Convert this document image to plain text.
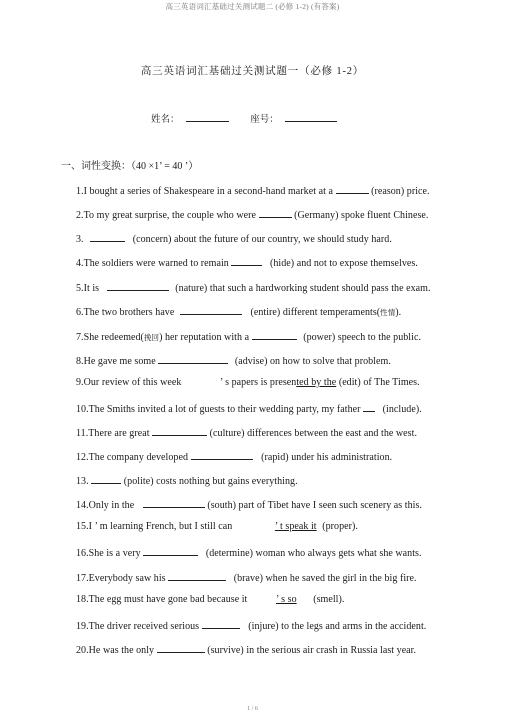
高三英语词汇基础过关测试题二 (必修 1-2) (有答案)
高三英语词汇基础过关测试题一（必修 1-2）
姓名：	座号：
一、词性变换：（40 ×1’ = 40 ’）
1.I bought a series of Shakespeare in a second-hand market at a	(reason) price.
2.To my great surprise, the couple who were	(Germany) spoke fluent Chinese.
3.	(concern) about the future of our country, we should study hard.
4.The soldiers were warned to remain	(hide) and not to expose themselves.
5.It is	(nature) that such a hardworking student should pass the exam.
6.The two brothers have	(entire) different temperaments(性情).
7.She redeemed(挽回) her reputation with a	(power) speech to the public.
8.He gave me some	(advise) on how to solve that problem.
9.Our review of this week	’ s papers is presented by the (edit) of The Times.
10.The Smiths invited a lot of guests to their wedding party, my father (include).
11.There are great	(culture) differences between the east and the west.
12.The company developed	(rapid) under his administration.
13.	(polite) costs nothing but gains everything.
14.Only in the	(south) part of Tibet have I seen such scenery as this.
15.I ’ m learning French, but I still can	’ t speak it (proper).
16.She is a very	(determine) woman who always gets what she wants.
17.Everybody saw his	(brave) when he saved the girl in the big fire.
18.The egg must have gone bad because it	’ s so (smell).
19.The driver received serious	(injure) to the legs and arms in the accident.
20.He was the only	(survive) in the serious air crash in Russia last year.
1 / 6
